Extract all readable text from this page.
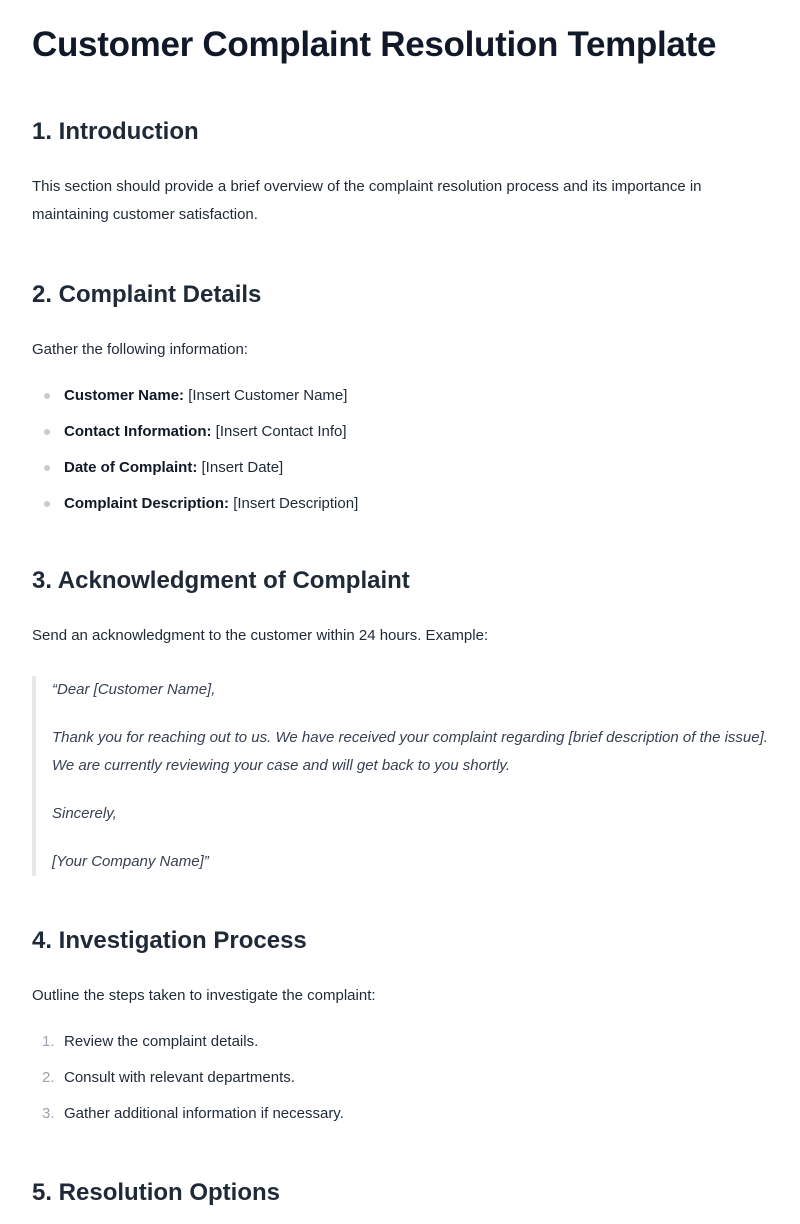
Customer Complaint Resolution Template
1. Introduction

This section should provide a brief overview of the complaint resolution process and its importance in maintaining customer satisfaction.

2. Complaint Details

Gather the following information:

Customer Name: [Insert Customer Name]
Contact Information: [Insert Contact Info]
Date of Complaint: [Insert Date]
Complaint Description: [Insert Description]
3. Acknowledgment of Complaint

Send an acknowledgment to the customer within 24 hours. Example:

“Dear [Customer Name],

Thank you for reaching out to us. We have received your complaint regarding [brief description of the issue]. We are currently reviewing your case and will get back to you shortly.

Sincerely,

[Your Company Name]”

4. Investigation Process

Outline the steps taken to investigate the complaint:

1. Review the complaint details.
2. Consult with relevant departments.
3. Gather additional information if necessary.
5. Resolution Options
